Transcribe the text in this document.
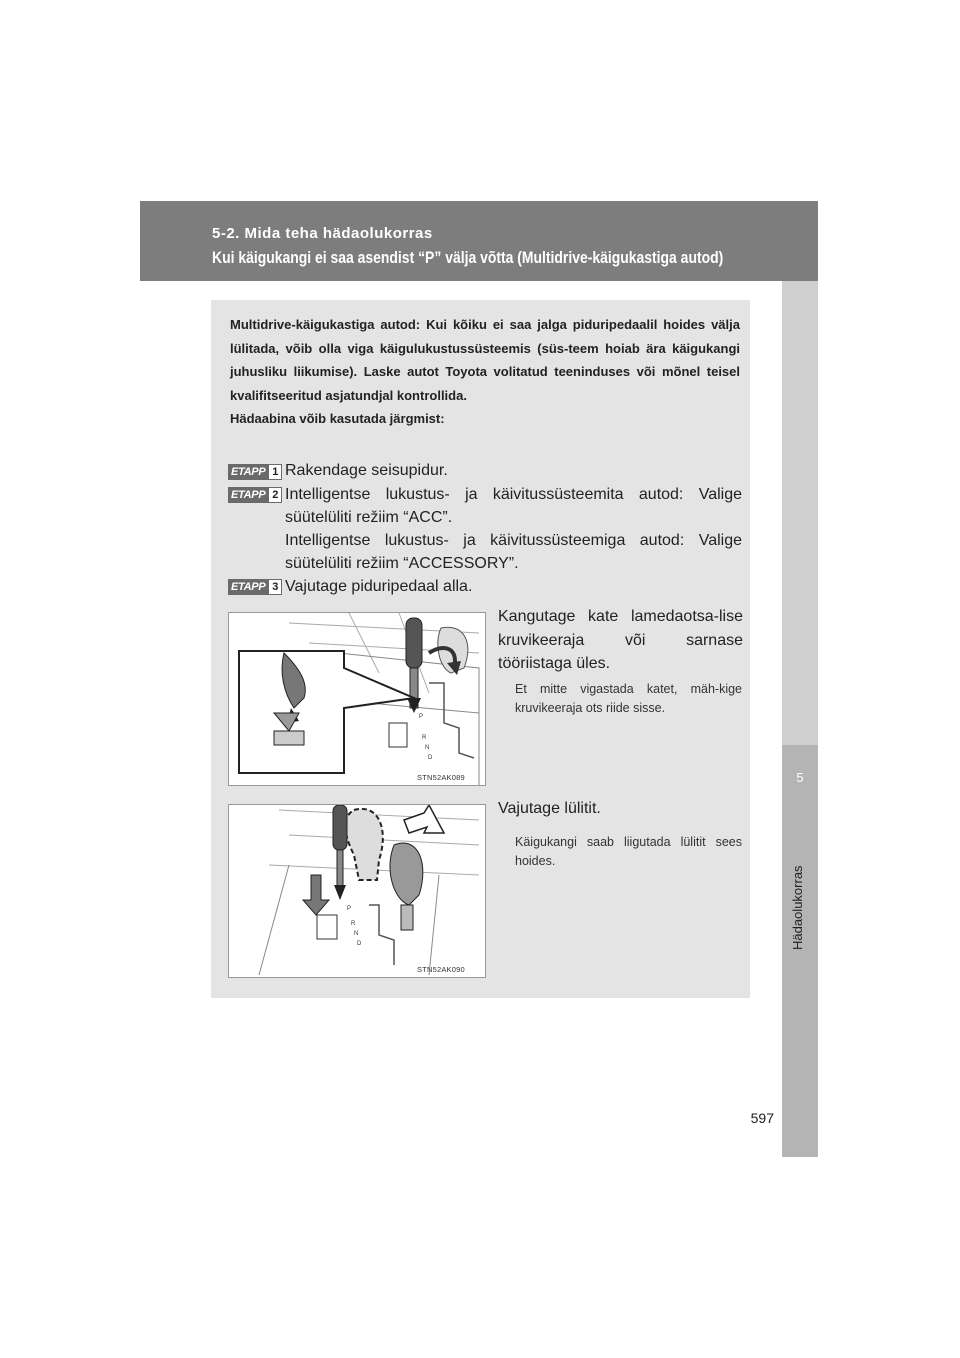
5-2. Mida teha hädaolukorras
Kui käigukangi ei saa asendist “P” välja võtta (Multidrive-käigukastiga autod)
5
Hädaolukorras

Multidrive-käigukastiga autod: Kui kõiku ei saa jalga piduripedaalil hoides välja lülitada, võib olla viga käigulukustussüsteemis (süs-teem hoiab ära käigukangi juhusliku liikumise). Laske autot Toyota volitatud teeninduses või mõnel teisel kvalifitseeritud asjatundjal kontrollida.

Hädaabina võib kasutada järgmist:

ETAPP 1 Rakendage seisupidur.

ETAPP 2 Intelligentse lukustus- ja käivitussüsteemita autod: Valige süütelüliti režiim “ACC”.

Intelligentse lukustus- ja käivitussüsteemiga autod: Valige süütelüliti režiim “ACCESSORY”.

ETAPP 3 Vajutage piduripedaal alla.

P
R
N
D
STN52AK089

Kangutage kate lamedaotsa-lise kruvikeeraja või sarnase tööriistaga üles.

Et mitte vigastada katet, mäh-kige kruvikeeraja ots riide sisse.
P
R
N
D
STN52AK090

Vajutage lülitit.

Käigukangi saab liigutada lülitit sees hoides.
597
